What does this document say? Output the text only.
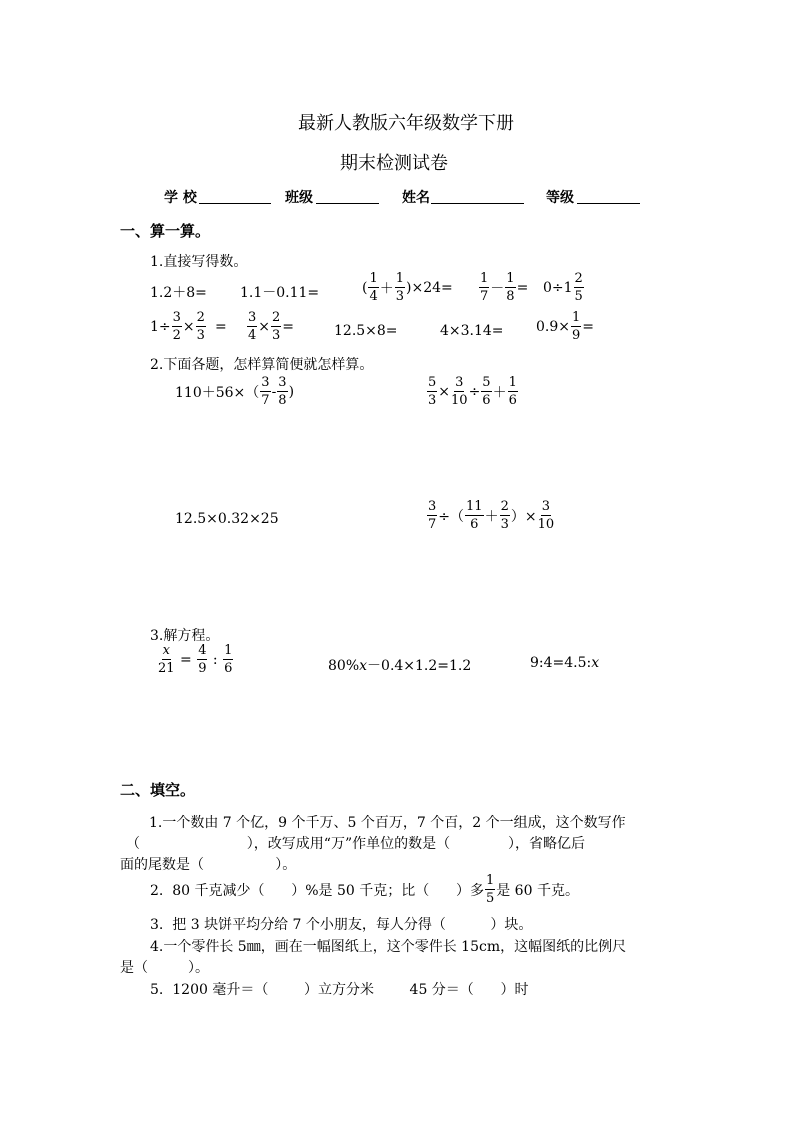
最新人教版六年级数学下册
期末检测试卷
学 校	班级	姓名	等级
一、算一算。
1.直接写得数。
1.2＋8= 1.1－0.11=	( $\frac{1}{4} + \frac{1}{3} )\times 24= \frac{1}{7} - \frac{1}{8} = 0\div 1 \frac{2}{5}$
$1\div \frac{3}{2} \times \frac{2}{3} = \frac{3}{4} \times \frac{2}{3}$ =	12.5×8=	$4\times 3.14= 0.9\times \frac{1}{9}$ =
2.下面各题，怎样算简便就怎样算。
$110+56\times( \frac{3}{7} - \frac{3}{8}$ )	$\frac{5}{3} \times \frac{3}{10} \div \frac{5}{6} + \frac{1}{6}$
12.5×0.32×25	$\frac{3}{7}$ ÷（ $\frac{11}{6} + \frac{2}{3}$ ）× $\frac{3}{10}$
3.解方程。
$\frac{x}{21} = \frac{4}{9}$ : $\frac{1}{6}$	80%x－0.4×1.2=1.2	9:4=4.5:x
二、填空。
1.一个数由 7 个亿，9 个千万、5 个百万，7 个百，2 个一组成，这个数写作
（                        ），改写成用“万”作单位的数是（             ），省略亿后
面的尾数是（                ）。
2.  80 千克减少（      ）%是 50 千克；比（      ）多 $\frac{1}{5}$ 是 60 千克。
3.  把 3 块饼平均分给 7 个小朋友，每人分得（          ）块。
4.一个零件长 5㎜，画在一幅图纸上，这个零件长 15cm，这幅图纸的比例尺
是（         ）。
5.  1200 毫升＝（        ）立方分米        45 分＝（      ）时
